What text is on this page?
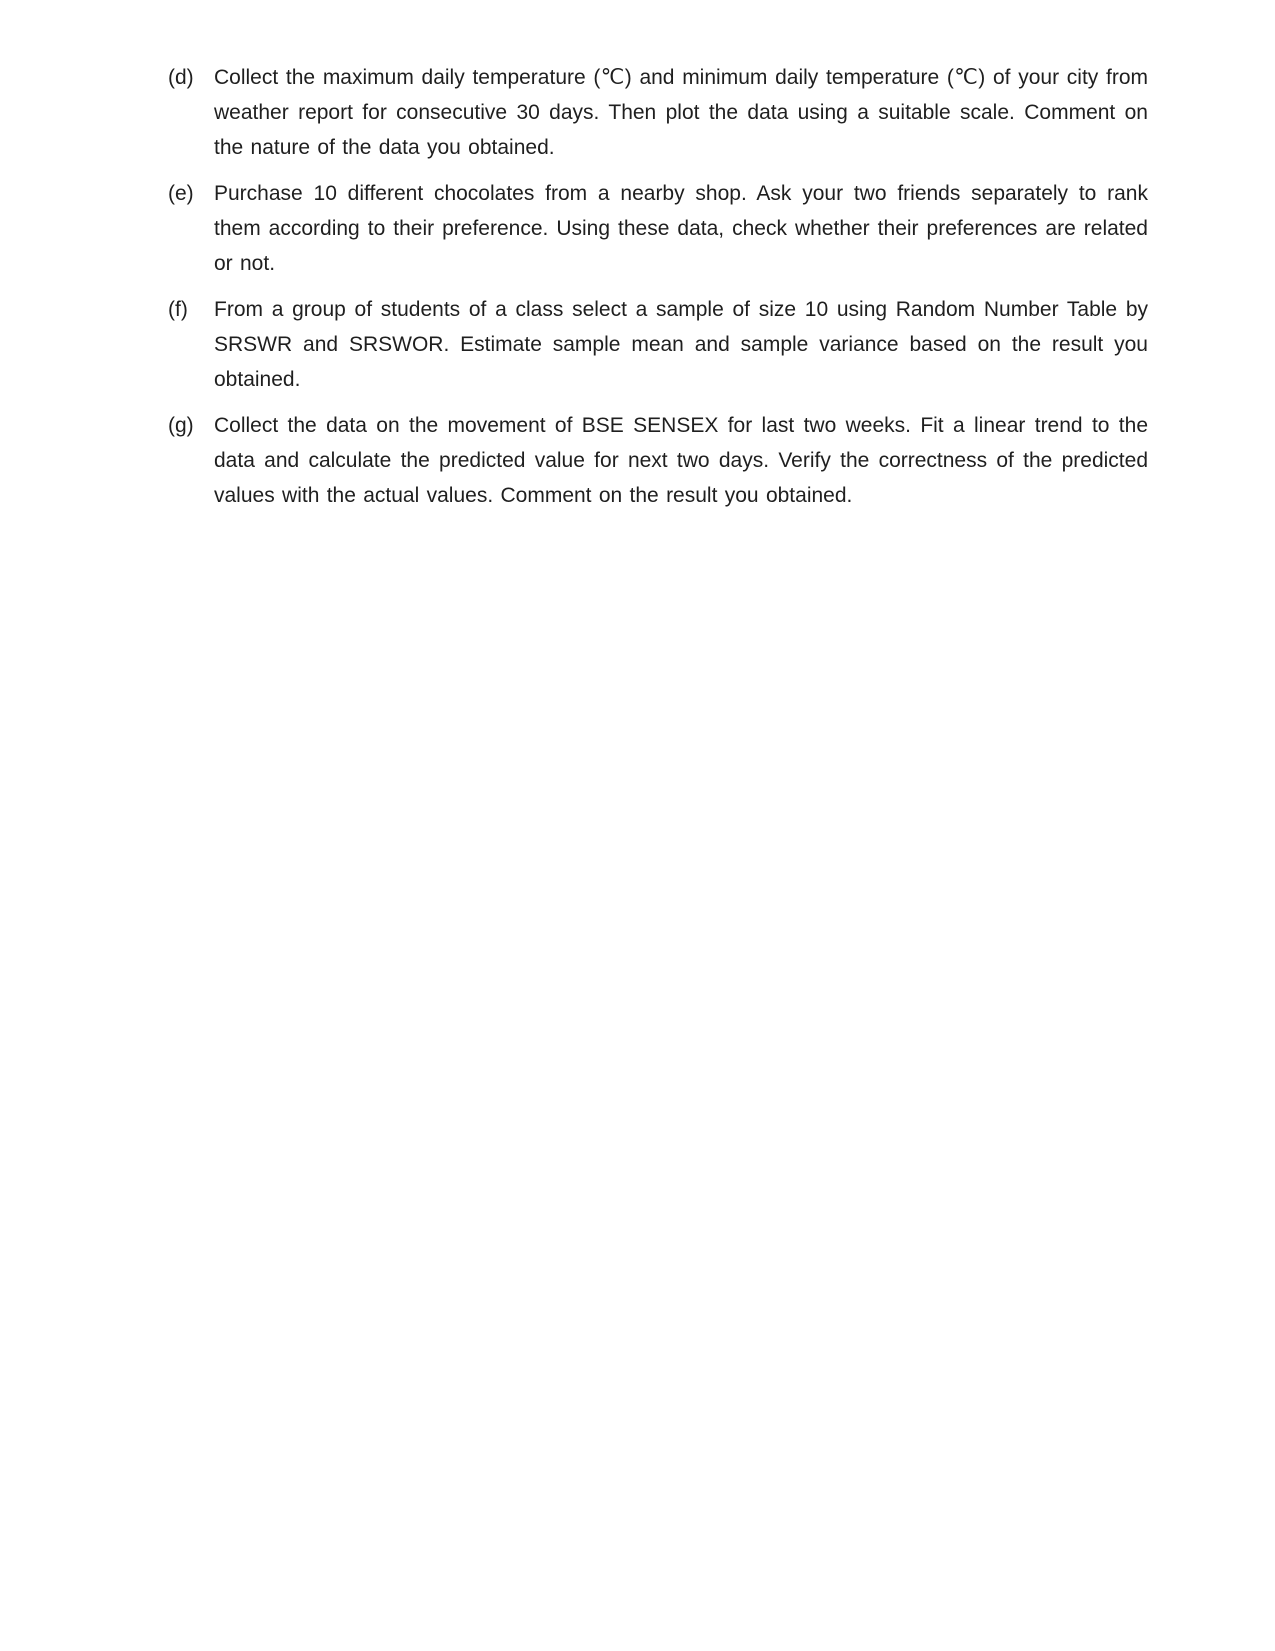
(d) Collect the maximum daily temperature (℃) and minimum daily temperature (℃) of your city from weather report for consecutive 30 days. Then plot the data using a suitable scale. Comment on the nature of the data you obtained.

(e) Purchase 10 different chocolates from a nearby shop. Ask your two friends separately to rank them according to their preference. Using these data, check whether their preferences are related or not.

(f)	From a group of students of a class select a sample of size 10 using Random Number Table by SRSWR and SRSWOR. Estimate sample mean and sample variance based on the result you obtained.

(g) Collect the data on the movement of BSE SENSEX for last two weeks. Fit a linear trend to the data and calculate the predicted value for next two days. Verify the correctness of the predicted values with the actual values. Comment on the result you obtained.
